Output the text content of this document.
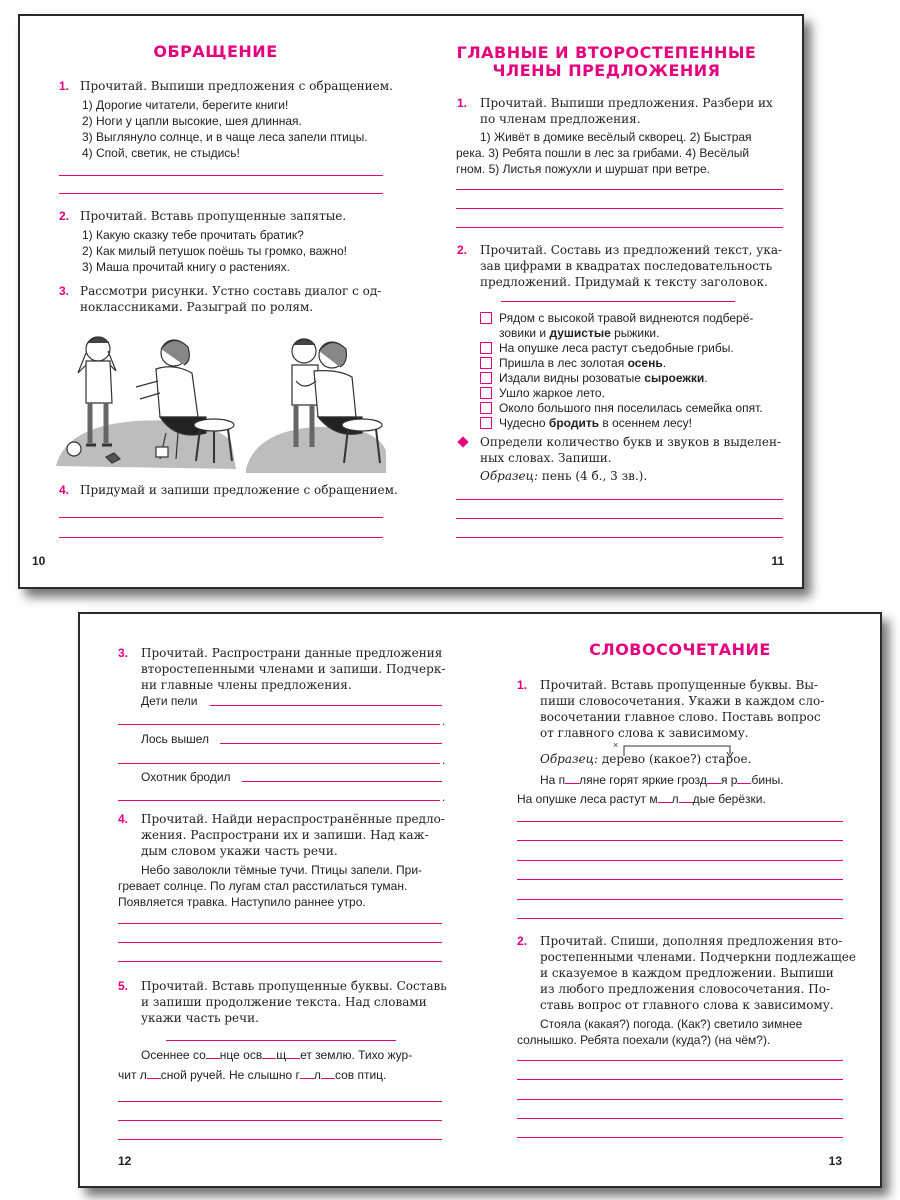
ОБРАЩЕНИЕ
1. Прочитай. Выпиши предложения с обращением.
1) Дорогие читатели, берегите книги!
2) Ноги у цапли высокие, шея длинная.
3) Выглянуло солнце, и в чаще леса запели птицы.
4) Спой, светик, не стыдись!
2. Прочитай. Вставь пропущенные запятые.
1) Какую сказку тебе прочитать братик?
2) Как милый петушок поёшь ты громко, важно!
3) Маша прочитай книгу о растениях.
3. Рассмотри рисунки. Устно составь диалог с од-
ноклассниками. Разыграй по ролям.
4. Придумай и запиши предложение с обращением.
10
ГЛАВНЫЕ И ВТОРОСТЕПЕННЫЕ
ЧЛЕНЫ ПРЕДЛОЖЕНИЯ
1. Прочитай. Выпиши предложения. Разбери их
по членам предложения.
1) Живёт в домике весёлый скворец. 2) Быстрая
река. 3) Ребята пошли в лес за грибами. 4) Весёлый
гном. 5) Листья пожухли и шуршат при ветре.
2. Прочитай. Составь из предложений текст, ука-
зав цифрами в квадратах последовательность
предложений. Придумай к тексту заголовок.
Рядом с высокой травой виднеются подберё-
зовики и душистые рыжики.
На опушке леса растут съедобные грибы.
Пришла в лес золотая осень.
Издали видны розоватые сыроежки.
Ушло жаркое лето.
Около большого пня поселилась семейка опят.
Чудесно бродить в осеннем лесу!
Определи количество букв и звуков в выделен-
ных словах. Запиши.
Образец: пень (4 б., 3 зв.).
11
3. Прочитай. Распространи данные предложения
второстепенными членами и запиши. Подчерк-
ни главные члены предложения.
Дети пели
.
Лось вышел
.
Охотник бродил
.
4. Прочитай. Найди нераспространённые предло-
жения. Распространи их и запиши. Над каж-
дым словом укажи часть речи.
Небо заволокли тёмные тучи. Птицы запели. При-
гревает солнце. По лугам стал расстилаться туман.
Появляется травка. Наступило раннее утро.
5. Прочитай. Вставь пропущенные буквы. Составь
и запиши продолжение текста. Над словами
укажи часть речи.
Осеннее со нце осв щ ет землю. Тихо жур-
чит л сной ручей. Не слышно г л сов птиц.
12
СЛОВОСОЧЕТАНИЕ
1. Прочитай. Вставь пропущенные буквы. Вы-
пиши словосочетания. Укажи в каждом сло-
восочетании главное слово. Поставь вопрос
от главного слова к зависимому.
×
Образец: дерево (какое?) старое.
На п ляне горят яркие грозд я р бины.
На опушке леса растут м л дые берёзки.
2. Прочитай. Спиши, дополняя предложения вто-
ростепенными членами. Подчеркни подлежащее
и сказуемое в каждом предложении. Выпиши
из любого предложения словосочетания. По-
ставь вопрос от главного слова к зависимому.
Стояла (какая?) погода. (Как?) светило зимнее
солнышко. Ребята поехали (куда?) (на чём?).
13
